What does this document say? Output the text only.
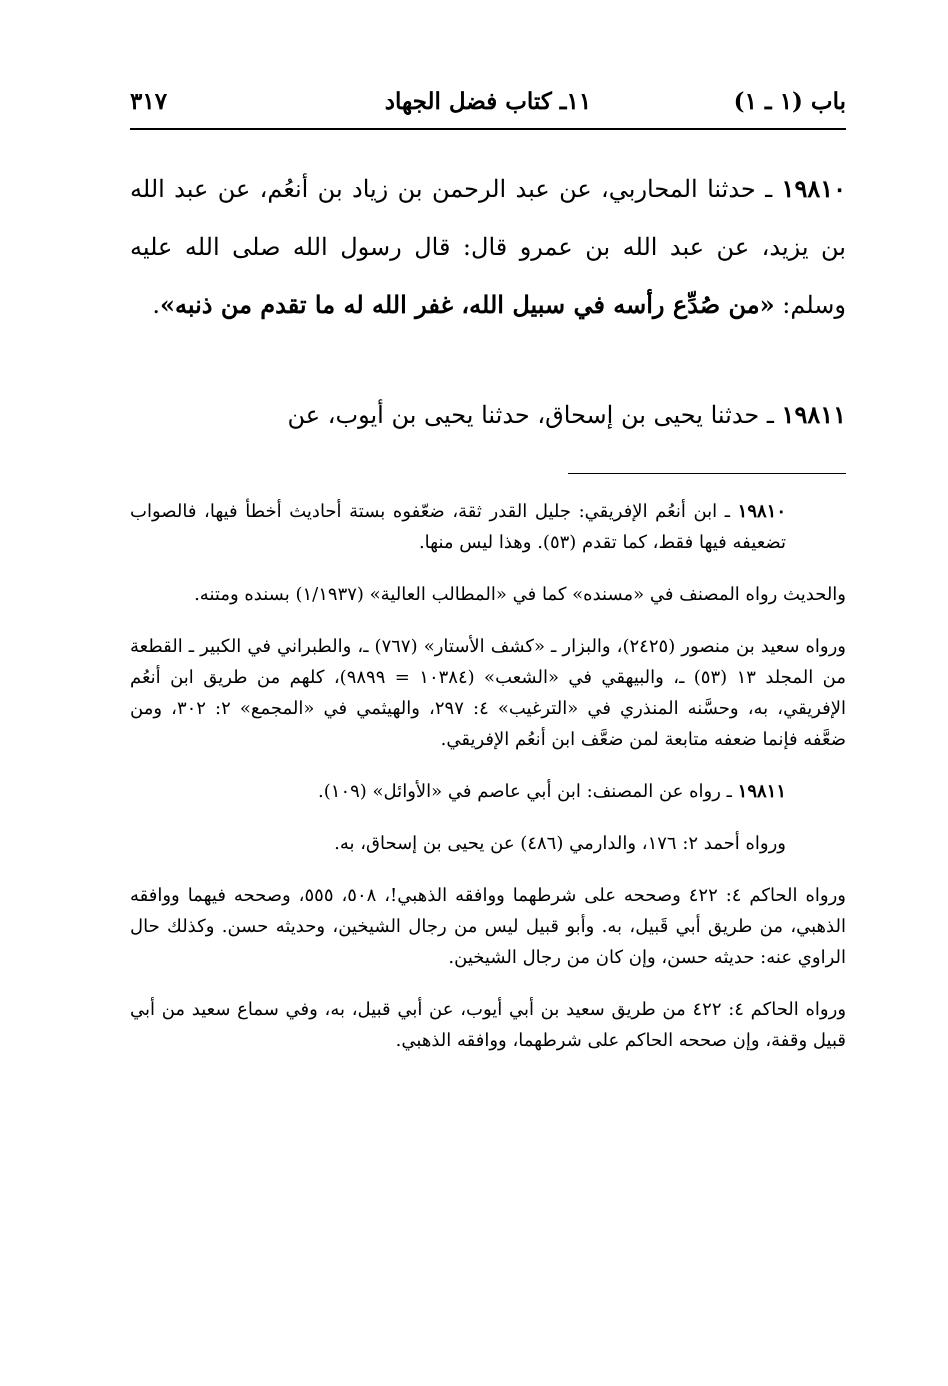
باب (١ ـ ١)
١١ـ كتاب فضل الجهاد
٣١٧
١٩٨١٠ ـ حدثنا المحاربي، عن عبد الرحمن بن زياد بن أنعُم، عن عبد الله بن يزيد، عن عبد الله بن عمرو قال: قال رسول الله صلى الله عليه وسلم: «من صُدِّع رأسه في سبيل الله، غفر الله له ما تقدم من ذنبه».
١٩٨١١ ـ حدثنا يحيى بن إسحاق، حدثنا يحيى بن أيوب، عن

١٩٨١٠ ـ ابن أنعُم الإفريقي: جليل القدر ثقة، ضعّفوه بستة أحاديث أخطأ فيها، فالصواب تضعيفه فيها فقط، كما تقدم (٥٣). وهذا ليس منها.

والحديث رواه المصنف في «مسنده» كما في «المطالب العالية» (١/١٩٣٧) بسنده ومتنه.

ورواه سعيد بن منصور (٢٤٢٥)، والبزار ـ «كشف الأستار» (٧٦٧) ـ، والطبراني في الكبير ـ القطعة من المجلد ١٣ (٥٣) ـ، والبيهقي في «الشعب» (١٠٣٨٤ = ٩٨٩٩)، كلهم من طريق ابن أنعُم الإفريقي، به، وحسَّنه المنذري في «الترغيب» ٤: ٢٩٧، والهيثمي في «المجمع» ٢: ٣٠٢، ومن ضعَّفه فإنما ضعفه متابعة لمن ضعَّف ابن أنعُم الإفريقي.

١٩٨١١ ـ رواه عن المصنف: ابن أبي عاصم في «الأوائل» (١٠٩).

ورواه أحمد ٢: ١٧٦، والدارمي (٤٨٦) عن يحيى بن إسحاق، به.

ورواه الحاكم ٤: ٤٢٢ وصححه على شرطهما ووافقه الذهبي!، ٥٠٨، ٥٥٥، وصححه فيهما ووافقه الذهبي، من طريق أبي قَبيل، به. وأبو قبيل ليس من رجال الشيخين، وحديثه حسن. وكذلك حال الراوي عنه: حديثه حسن، وإن كان من رجال الشيخين.

ورواه الحاكم ٤: ٤٢٢ من طريق سعيد بن أبي أيوب، عن أبي قبيل، به، وفي سماع سعيد من أبي قبيل وقفة، وإن صححه الحاكم على شرطهما، ووافقه الذهبي.
